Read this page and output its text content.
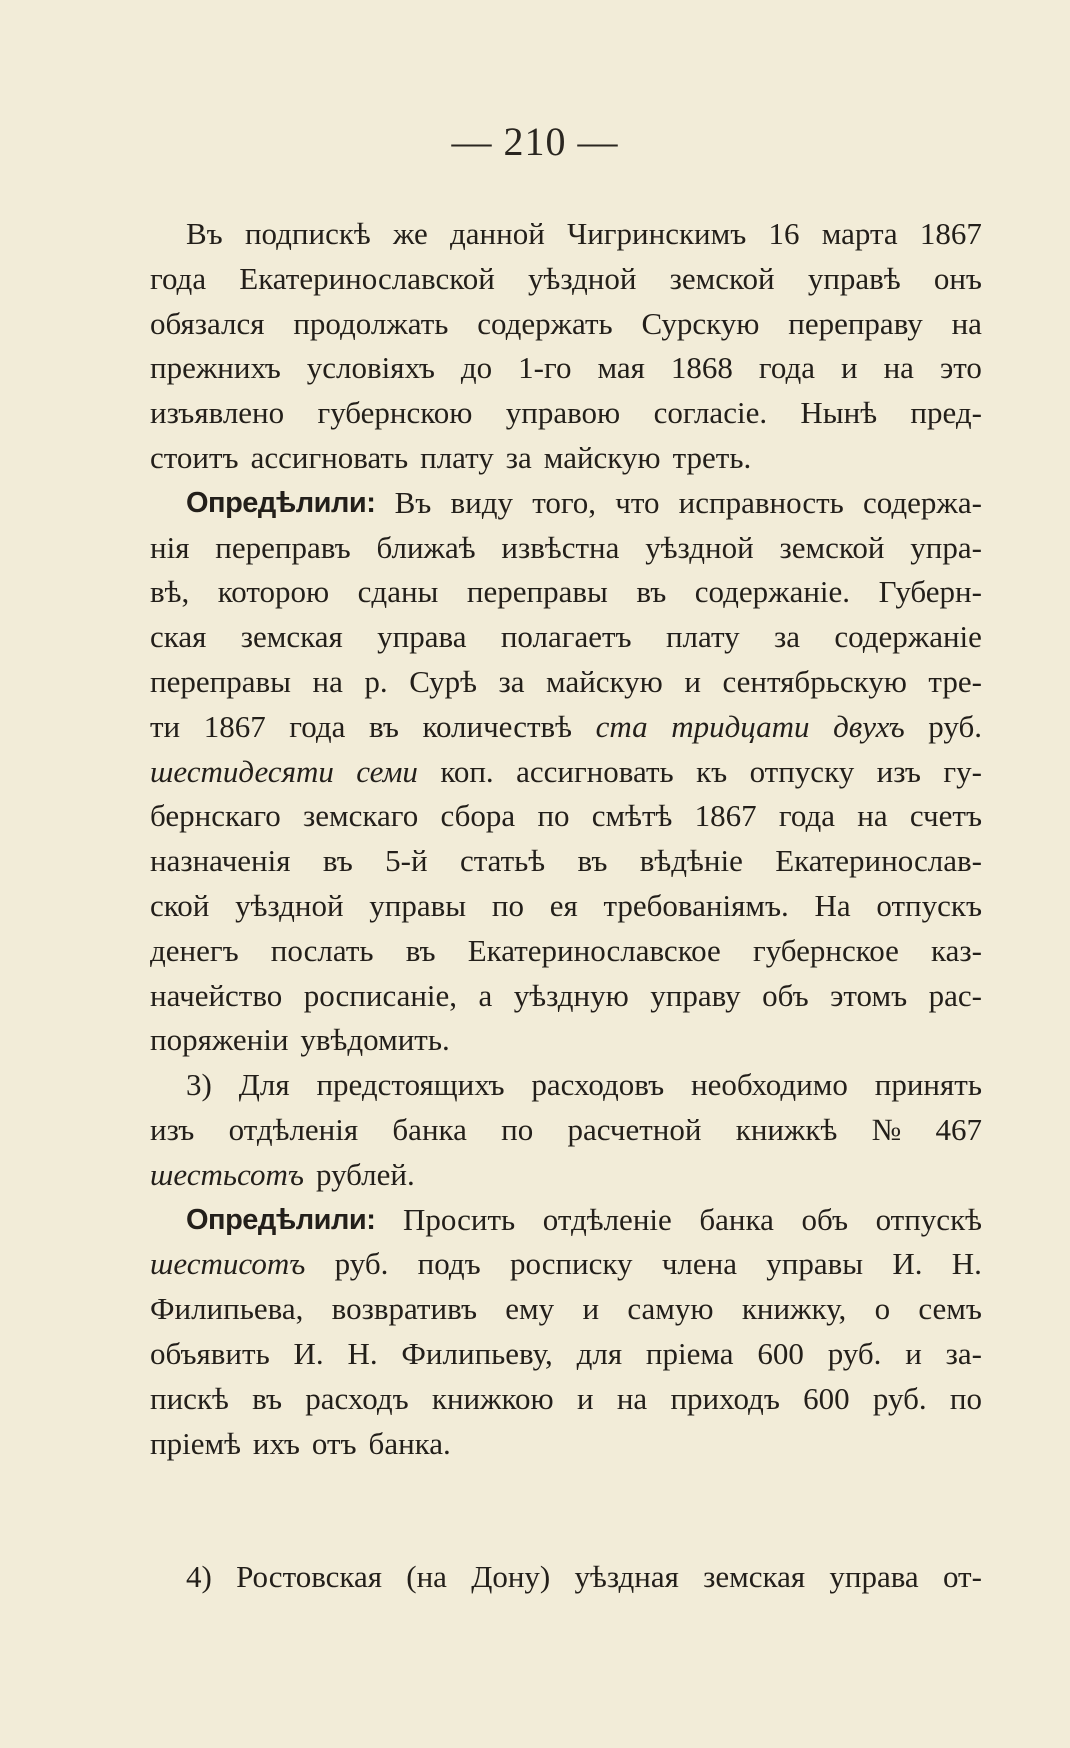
— 210 —
Въ подпискѣ же данной Чигринскимъ 16 марта 1867
года Екатеринославской уѣздной земской управѣ онъ
обязался продолжать содержать Сурскую переправу на
прежнихъ условіяхъ до 1-го мая 1868 года и на это
изъявлено губернскою управою согласіе. Нынѣ пред-
стоитъ ассигновать плату за майскую треть.
Опредѣлили: Въ виду того, что исправность содержа-
нія переправъ ближаѣ извѣстна уѣздной земской упра-
вѣ, которою сданы переправы въ содержаніе. Губерн-
ская земская управа полагаетъ плату за содержаніе
переправы на р. Сурѣ за майскую и сентябрьскую тре-
ти 1867 года въ количествѣ ста тридцати двухъ руб.
шестидесяти семи коп. ассигновать къ отпуску изъ гу-
бернскаго земскаго сбора по смѣтѣ 1867 года на счетъ
назначенія въ 5-й статьѣ въ вѣдѣніе Екатеринослав-
ской уѣздной управы по ея требованіямъ. На отпускъ
денегъ послать въ Екатеринославское губернское каз-
начейство росписаніе, а уѣздную управу объ этомъ рас-
поряженіи увѣдомить.
3) Для предстоящихъ расходовъ необходимо принять
изъ отдѣленія банка по расчетной книжкѣ № 467
шестьсотъ рублей.
Опредѣлили: Просить отдѣленіе банка объ отпускѣ
шестисотъ руб. подъ росписку члена управы И. Н.
Филипьева, возвративъ ему и самую книжку, о семъ
объявить И. Н. Филипьеву, для пріема 600 руб. и за-
пискѣ въ расходъ книжкою и на приходъ 600 руб. по
пріемѣ ихъ отъ банка.
4) Ростовская (на Дону) уѣздная земская управа от-
